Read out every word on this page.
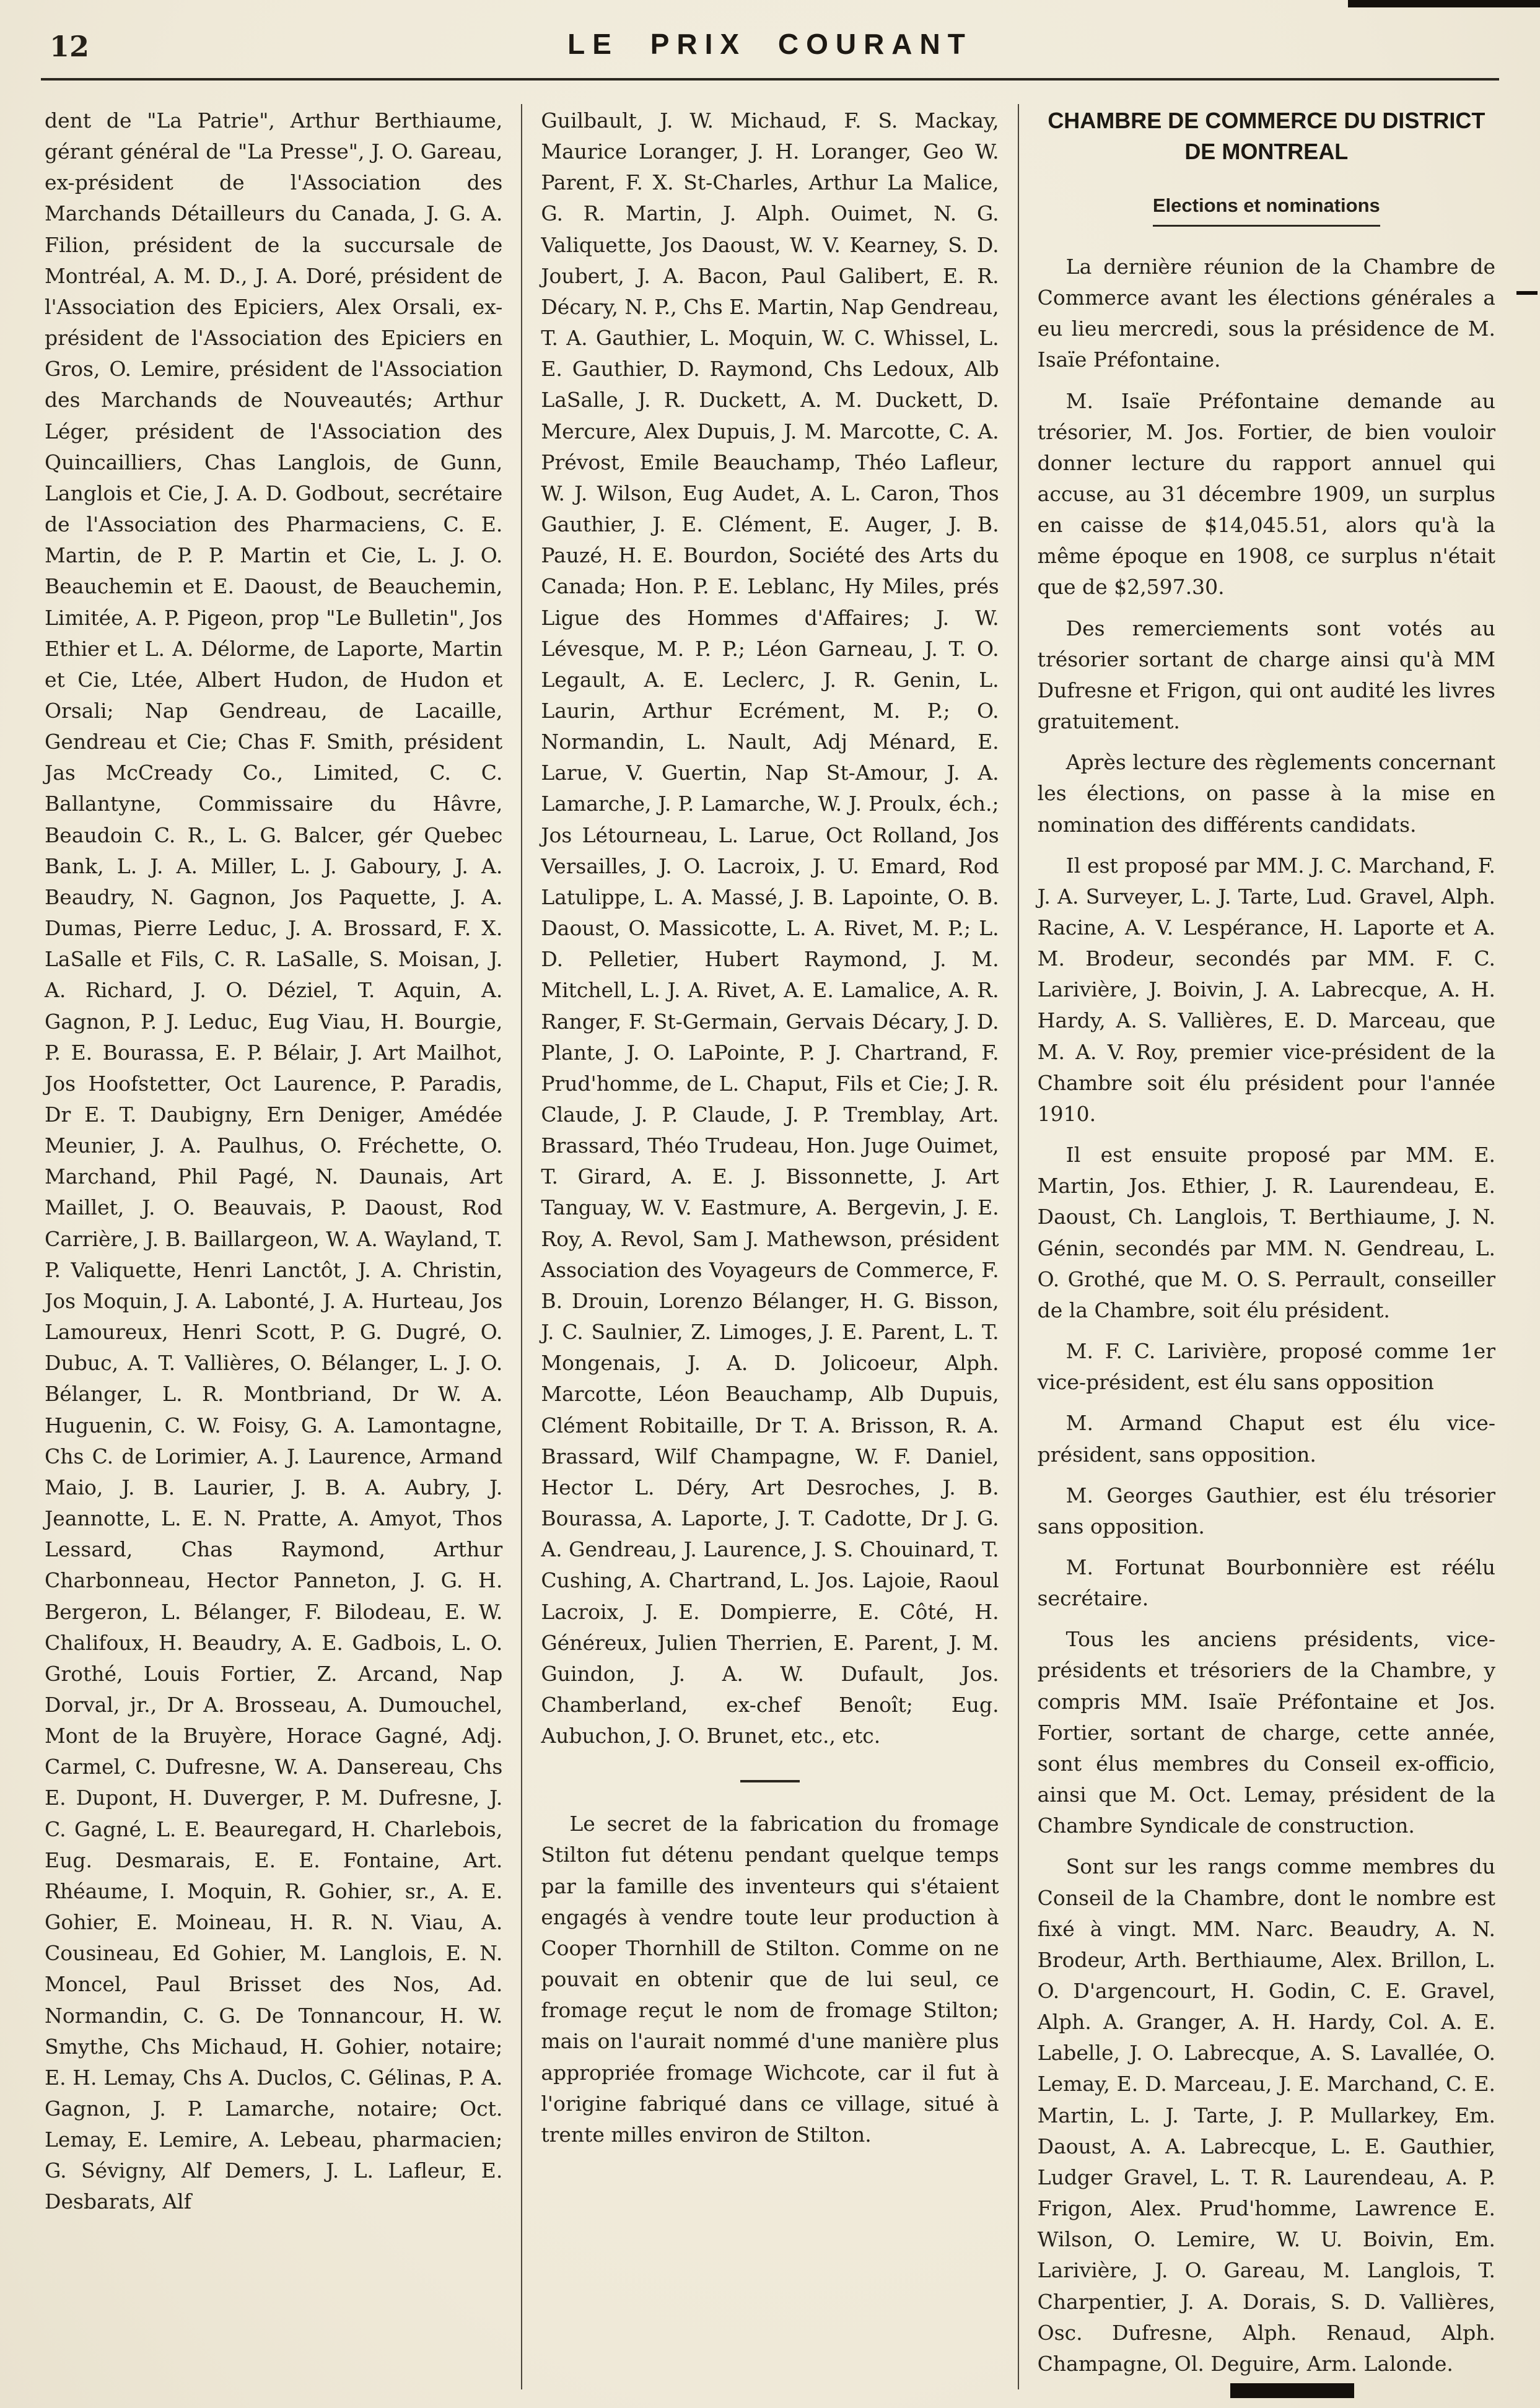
12	LE PRIX COURANT

dent de "La Patrie", Arthur Berthiaume, gérant général de "La Presse", J. O. Gareau, ex-président de l'Association des Marchands Détailleurs du Canada, J. G. A. Filion, président de la succursale de Montréal, A. M. D., J. A. Doré, président de l'Association des Epiciers, Alex Orsali, ex-président de l'Association des Epiciers en Gros, O. Lemire, président de l'Association des Marchands de Nouveautés; Arthur Léger, président de l'Association des Quincailliers, Chas Langlois, de Gunn, Langlois et Cie, J. A. D. Godbout, secrétaire de l'Association des Pharmaciens, C. E. Martin, de P. P. Martin et Cie, L. J. O. Beauchemin et E. Daoust, de Beauchemin, Limitée, A. P. Pigeon, prop "Le Bulletin", Jos Ethier et L. A. Délorme, de Laporte, Martin et Cie, Ltée, Albert Hudon, de Hudon et Orsali; Nap Gendreau, de Lacaille, Gendreau et Cie; Chas F. Smith, président Jas McCready Co., Limited, C. C. Ballantyne, Commissaire du Hâvre, Beaudoin C. R., L. G. Balcer, gér Quebec Bank, L. J. A. Miller, L. J. Gaboury, J. A. Beaudry, N. Gagnon, Jos Paquette, J. A. Dumas, Pierre Leduc, J. A. Brossard, F. X. LaSalle et Fils, C. R. LaSalle, S. Moisan, J. A. Richard, J. O. Déziel, T. Aquin, A. Gagnon, P. J. Leduc, Eug Viau, H. Bourgie, P. E. Bourassa, E. P. Bélair, J. Art Mailhot, Jos Hoofstetter, Oct Laurence, P. Paradis, Dr E. T. Daubigny, Ern Deniger, Amédée Meunier, J. A. Paulhus, O. Fréchette, O. Marchand, Phil Pagé, N. Daunais, Art Maillet, J. O. Beauvais, P. Daoust, Rod Carrière, J. B. Baillargeon, W. A. Wayland, T. P. Valiquette, Henri Lanctôt, J. A. Christin, Jos Moquin, J. A. Labonté, J. A. Hurteau, Jos Lamoureux, Henri Scott, P. G. Dugré, O. Dubuc, A. T. Vallières, O. Bélanger, L. J. O. Bélanger, L. R. Montbriand, Dr W. A. Huguenin, C. W. Foisy, G. A. Lamontagne, Chs C. de Lorimier, A. J. Laurence, Armand Maio, J. B. Laurier, J. B. A. Aubry, J. Jeannotte, L. E. N. Pratte, A. Amyot, Thos Lessard, Chas Raymond, Arthur Charbonneau, Hector Panneton, J. G. H. Bergeron, L. Bélanger, F. Bilodeau, E. W. Chalifoux, H. Beaudry, A. E. Gadbois, L. O. Grothé, Louis Fortier, Z. Arcand, Nap Dorval, jr., Dr A. Brosseau, A. Dumouchel, Mont de la Bruyère, Horace Gagné, Adj. Carmel, C. Dufresne, W. A. Dansereau, Chs E. Dupont, H. Duverger, P. M. Dufresne, J. C. Gagné, L. E. Beauregard, H. Charlebois, Eug. Desmarais, E. E. Fontaine, Art. Rhéaume, I. Moquin, R. Gohier, sr., A. E. Gohier, E. Moineau, H. R. N. Viau, A. Cousineau, Ed Gohier, M. Langlois, E. N. Moncel, Paul Brisset des Nos, Ad. Normandin, C. G. De Tonnancour, H. W. Smythe, Chs Michaud, H. Gohier, notaire; E. H. Lemay, Chs A. Duclos, C. Gélinas, P. A. Gagnon, J. P. Lamarche, notaire; Oct. Lemay, E. Lemire, A. Lebeau, pharmacien; G. Sévigny, Alf Demers, J. L. Lafleur, E. Desbarats, Alf

Guilbault, J. W. Michaud, F. S. Mackay, Maurice Loranger, J. H. Loranger, Geo W. Parent, F. X. St-Charles, Arthur La Malice, G. R. Martin, J. Alph. Ouimet, N. G. Valiquette, Jos Daoust, W. V. Kearney, S. D. Joubert, J. A. Bacon, Paul Galibert, E. R. Décary, N. P., Chs E. Martin, Nap Gendreau, T. A. Gauthier, L. Moquin, W. C. Whissel, L. E. Gauthier, D. Raymond, Chs Ledoux, Alb LaSalle, J. R. Duckett, A. M. Duckett, D. Mercure, Alex Dupuis, J. M. Marcotte, C. A. Prévost, Emile Beauchamp, Théo Lafleur, W. J. Wilson, Eug Audet, A. L. Caron, Thos Gauthier, J. E. Clément, E. Auger, J. B. Pauzé, H. E. Bourdon, Société des Arts du Canada; Hon. P. E. Leblanc, Hy Miles, prés Ligue des Hommes d'Affaires; J. W. Lévesque, M. P. P.; Léon Garneau, J. T. O. Legault, A. E. Leclerc, J. R. Genin, L. Laurin, Arthur Ecrément, M. P.; O. Normandin, L. Nault, Adj Ménard, E. Larue, V. Guertin, Nap St-Amour, J. A. Lamarche, J. P. Lamarche, W. J. Proulx, éch.; Jos Létourneau, L. Larue, Oct Rolland, Jos Versailles, J. O. Lacroix, J. U. Emard, Rod Latulippe, L. A. Massé, J. B. Lapointe, O. B. Daoust, O. Massicotte, L. A. Rivet, M. P.; L. D. Pelletier, Hubert Raymond, J. M. Mitchell, L. J. A. Rivet, A. E. Lamalice, A. R. Ranger, F. St-Germain, Gervais Décary, J. D. Plante, J. O. LaPointe, P. J. Chartrand, F. Prud'homme, de L. Chaput, Fils et Cie; J. R. Claude, J. P. Claude, J. P. Tremblay, Art. Brassard, Théo Trudeau, Hon. Juge Ouimet, T. Girard, A. E. J. Bissonnette, J. Art Tanguay, W. V. Eastmure, A. Bergevin, J. E. Roy, A. Revol, Sam J. Mathewson, président Association des Voyageurs de Commerce, F. B. Drouin, Lorenzo Bélanger, H. G. Bisson, J. C. Saulnier, Z. Limoges, J. E. Parent, L. T. Mongenais, J. A. D. Jolicoeur, Alph. Marcotte, Léon Beauchamp, Alb Dupuis, Clément Robitaille, Dr T. A. Brisson, R. A. Brassard, Wilf Champagne, W. F. Daniel, Hector L. Déry, Art Desroches, J. B. Bourassa, A. Laporte, J. T. Cadotte, Dr J. G. A. Gendreau, J. Laurence, J. S. Chouinard, T. Cushing, A. Chartrand, L. Jos. Lajoie, Raoul Lacroix, J. E. Dompierre, E. Côté, H. Généreux, Julien Therrien, E. Parent, J. M. Guindon, J. A. W. Dufault, Jos. Chamberland, ex-chef Benoît; Eug. Aubuchon, J. O. Brunet, etc., etc.

Le secret de la fabrication du fromage Stilton fut détenu pendant quelque temps par la famille des inventeurs qui s'étaient engagés à vendre toute leur production à Cooper Thornhill de Stilton. Comme on ne pouvait en obtenir que de lui seul, ce fromage reçut le nom de fromage Stilton; mais on l'aurait nommé d'une manière plus appropriée fromage Wichcote, car il fut à l'origine fabriqué dans ce village, situé à trente milles environ de Stilton.

CHAMBRE DE COMMERCE DU DISTRICT DE MONTREAL
Elections et nominations

La dernière réunion de la Chambre de Commerce avant les élections générales a eu lieu mercredi, sous la présidence de M. Isaïe Préfontaine.

M. Isaïe Préfontaine demande au trésorier, M. Jos. Fortier, de bien vouloir donner lecture du rapport annuel qui accuse, au 31 décembre 1909, un surplus en caisse de $14,045.51, alors qu'à la même époque en 1908, ce surplus n'était que de $2,597.30.

Des remerciements sont votés au trésorier sortant de charge ainsi qu'à MM Dufresne et Frigon, qui ont audité les livres gratuitement.

Après lecture des règlements concernant les élections, on passe à la mise en nomination des différents candidats.

Il est proposé par MM. J. C. Marchand, F. J. A. Surveyer, L. J. Tarte, Lud. Gravel, Alph. Racine, A. V. Lespérance, H. Laporte et A. M. Brodeur, secondés par MM. F. C. Larivière, J. Boivin, J. A. Labrecque, A. H. Hardy, A. S. Vallières, E. D. Marceau, que M. A. V. Roy, premier vice-président de la Chambre soit élu président pour l'année 1910.

Il est ensuite proposé par MM. E. Martin, Jos. Ethier, J. R. Laurendeau, E. Daoust, Ch. Langlois, T. Berthiaume, J. N. Génin, secondés par MM. N. Gendreau, L. O. Grothé, que M. O. S. Perrault, conseiller de la Chambre, soit élu président.

M. F. C. Larivière, proposé comme 1er vice-président, est élu sans opposition

M. Armand Chaput est élu vice-président, sans opposition.

M. Georges Gauthier, est élu trésorier sans opposition.

M. Fortunat Bourbonnière est réélu secrétaire.

Tous les anciens présidents, vice-présidents et trésoriers de la Chambre, y compris MM. Isaïe Préfontaine et Jos. Fortier, sortant de charge, cette année, sont élus membres du Conseil ex-officio, ainsi que M. Oct. Lemay, président de la Chambre Syndicale de construction.

Sont sur les rangs comme membres du Conseil de la Chambre, dont le nombre est fixé à vingt. MM. Narc. Beaudry, A. N. Brodeur, Arth. Berthiaume, Alex. Brillon, L. O. D'argencourt, H. Godin, C. E. Gravel, Alph. A. Granger, A. H. Hardy, Col. A. E. Labelle, J. O. Labrecque, A. S. Lavallée, O. Lemay, E. D. Marceau, J. E. Marchand, C. E. Martin, L. J. Tarte, J. P. Mullarkey, Em. Daoust, A. A. Labrecque, L. E. Gauthier, Ludger Gravel, L. T. R. Laurendeau, A. P. Frigon, Alex. Prud'homme, Lawrence E. Wilson, O. Lemire, W. U. Boivin, Em. Larivière, J. O. Gareau, M. Langlois, T. Charpentier, J. A. Dorais, S. D. Vallières, Osc. Dufresne, Alph. Renaud, Alph. Champagne, Ol. Deguire, Arm. Lalonde.
